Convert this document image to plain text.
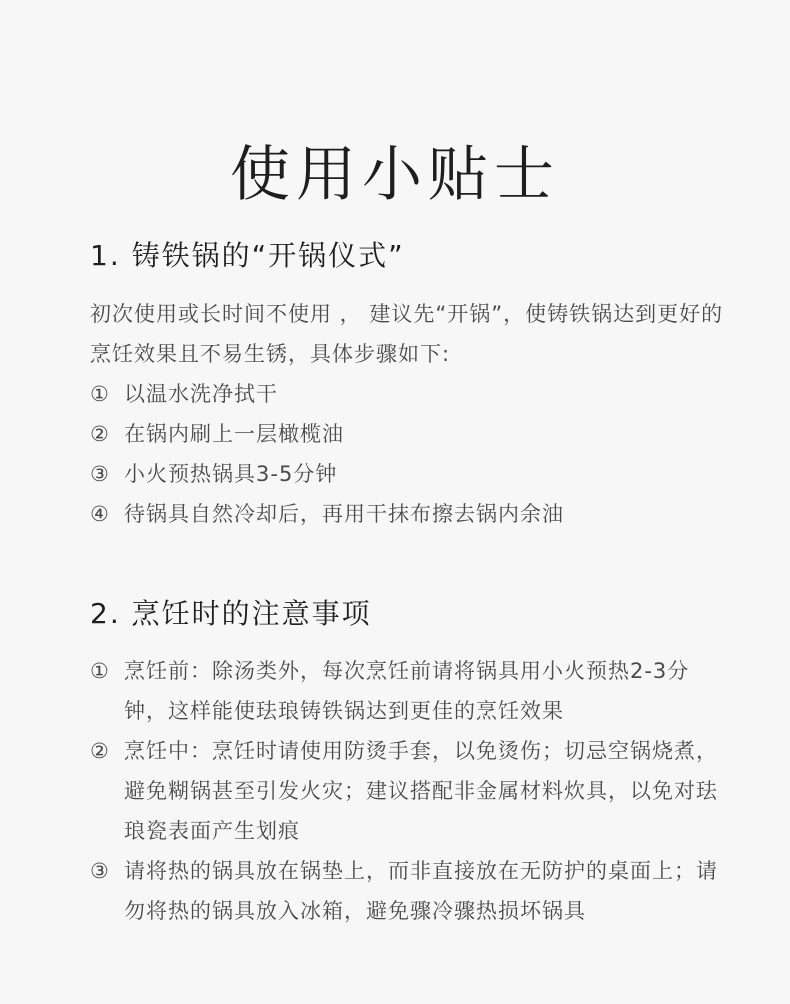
使用小贴士
1. 铸铁锅的“开锅仪式”

初次使用或长时间不使用 ， 建议先“开锅”，使铸铁锅达到更好的烹饪效果且不易生锈，具体步骤如下:

① 以温水洗净拭干
② 在锅内刷上一层橄榄油
③ 小火预热锅具3-5分钟
④ 待锅具自然冷却后，再用干抹布擦去锅内余油
2. 烹饪时的注意事项
① 烹饪前：除汤类外，每次烹饪前请将锅具用小火预热2-3分钟，这样能使珐琅铸铁锅达到更佳的烹饪效果
② 烹饪中：烹饪时请使用防烫手套，以免烫伤；切忌空锅烧煮，避免糊锅甚至引发火灾；建议搭配非金属材料炊具，以免对珐琅瓷表面产生划痕
③ 请将热的锅具放在锅垫上，而非直接放在无防护的桌面上；请勿将热的锅具放入冰箱，避免骤冷骤热损坏锅具
